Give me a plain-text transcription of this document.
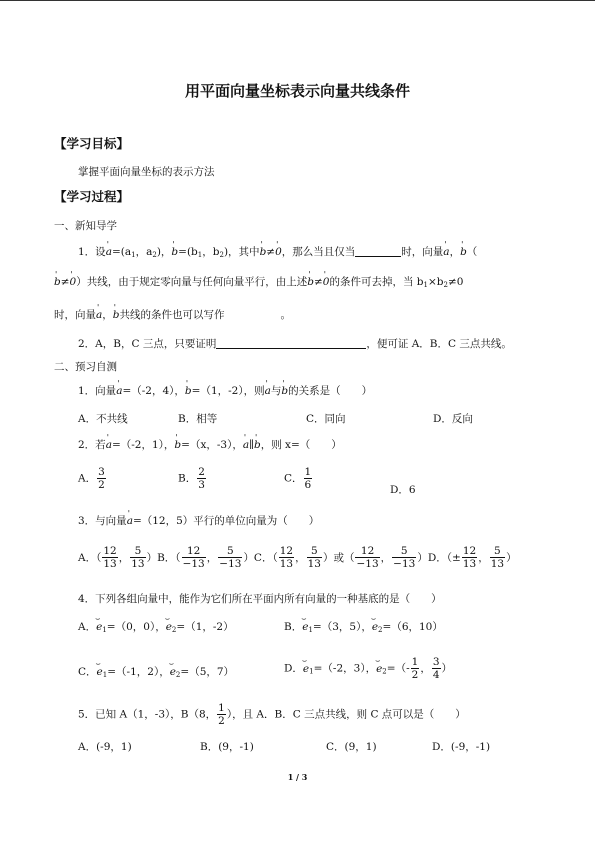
用平面向量坐标表示向量共线条件
【学习目标】
掌握平面向量坐标的表示方法
【学习过程】
一、新知导学
1．设' $a=(a_1$，$a_2$)，' $b=(b_1$，$b_2$)，其中' b≠' 0，那么当且仅当	时，向量' a，' b（
' b≠' 0）共线，由于规定零向量与任何向量平行，由上述' b≠' 0的条件可去掉，当 $b_1\times b_2\ne 0$
时，向量' a，' b共线的条件也可以写作	。
2．A，B，C 三点，只要证明	，便可证 A．B．C 三点共线。
二、预习自测
1．向量' a=（-2，4），' b=（1，-2），则' a与' b的关系是（　　）
A．不共线	B．相等	C．同向	D．反向
2．若' a=（-2，1），' b=（x，-3），' a∥' b，则 x=（　　）
A． $\frac{3}{2}$	B． $\frac{2}{3}$	C． $\frac{1}{6}$	D．6
3．与向量' a=（12，5）平行的单位向量为（　　）
A．（ $\frac{12}{13}$ ， $\frac{5}{13} )B$．（ $\frac{12}{-13}$ ， $\frac{5}{-13} )C$．（ $\frac{12}{13}$ ， $\frac{5}{13}$ ）或（ $\frac{12}{-13}$ ， $\frac{5}{-13} )D$．（± $\frac{12}{13}$ ， $\frac{5}{13}$ ）
4．下列各组向量中，能作为它们所在平面内所有向量的一种基底的是（　　）
A．⌣ $e_1=(0$，0），⌣ $e_2=(1$，-2）	B．⌣ $e_1=(3$，5），⌣ $e_2=(6$，10）
C．⌣ $e_1=(-1$，2），⌣ $e_2=(5$，7）	D．⌣ $e_1=(-2$，3），⌣ $e_2=(- \frac{1}{2}$ ， $\frac{3}{4}$ ）
5．已知 A（1，-3），B（8， $\frac{1}{2}$ ），且 A．B．C 三点共线，则 C 点可以是（　　）
A．(-9，1)	B．(9，-1)	C．(9，1)	D．(-9，-1)
1 / 3
